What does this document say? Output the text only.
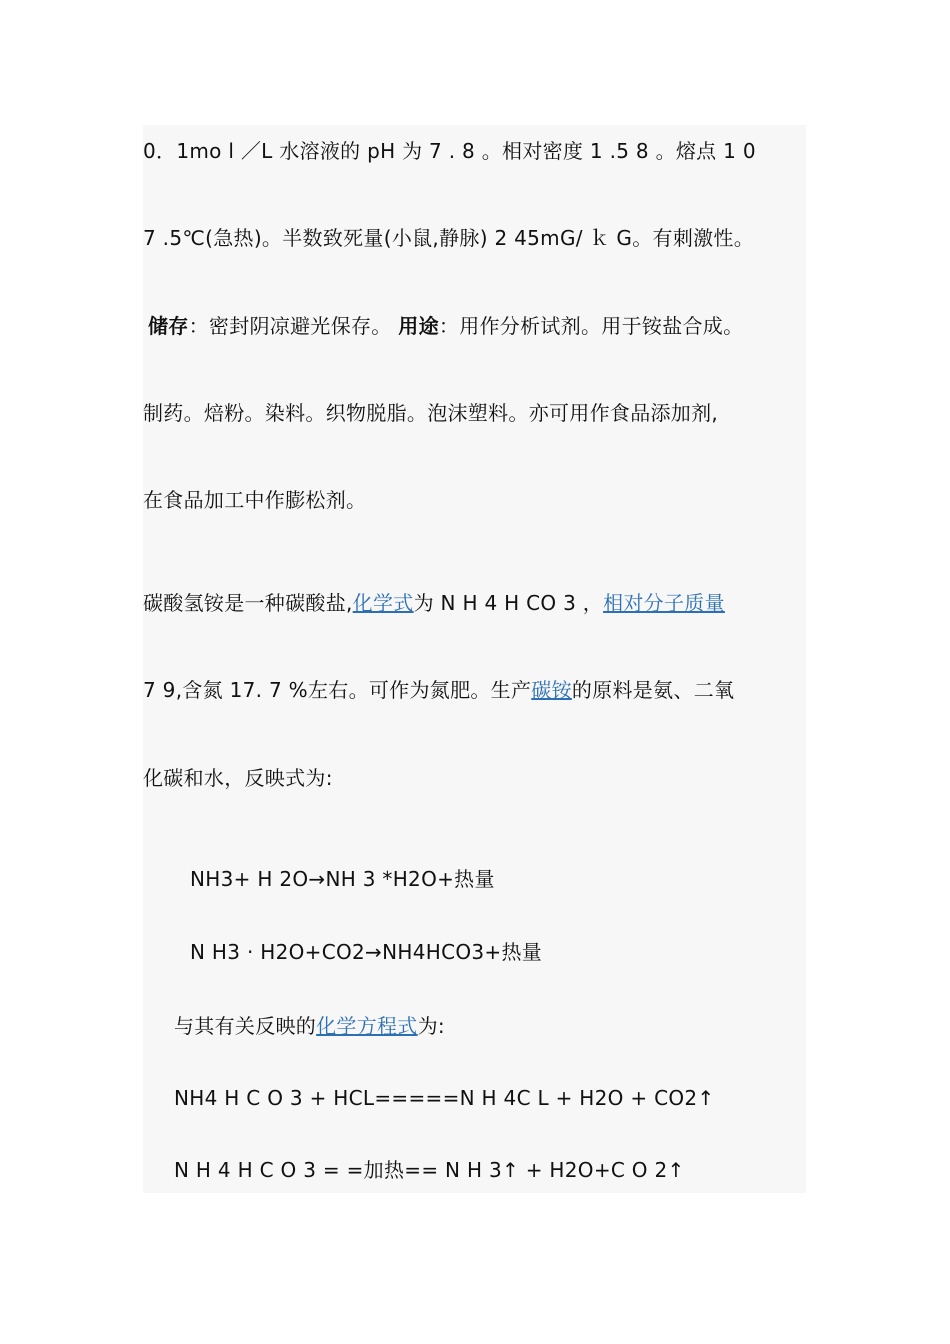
0．1mo l ／L 水溶液的 pH 为 7 . 8 。相对密度 1 .5 8 。熔点 1 0
7 .5℃(急热)。半数致死量(小鼠,静脉) 2 45mG/ ｋ G。有刺激性。
储存：密封阴凉避光保存。 用途：用作分析试剂。用于铵盐合成。
制药。焙粉。染料。织物脱脂。泡沫塑料。亦可用作食品添加剂,
在食品加工中作膨松剂。
碳酸氢铵是一种碳酸盐,化学式为 N H 4 H CO 3 ，相对分子质量
7 9,含氮 17. 7 %左右。可作为氮肥。生产碳铵的原料是氨、二氧
化碳和水，反映式为:
NH3+ H 2O→NH 3 *H2O+热量
N H3 · H2O+CO2→NH4HCO3+热量
与其有关反映的化学方程式为:
NH4 H C O 3 + HCL=====N H 4C L + H2O + CO2↑
N H 4 H C O 3 = =加热== N H 3↑ + H2O+C O 2↑
